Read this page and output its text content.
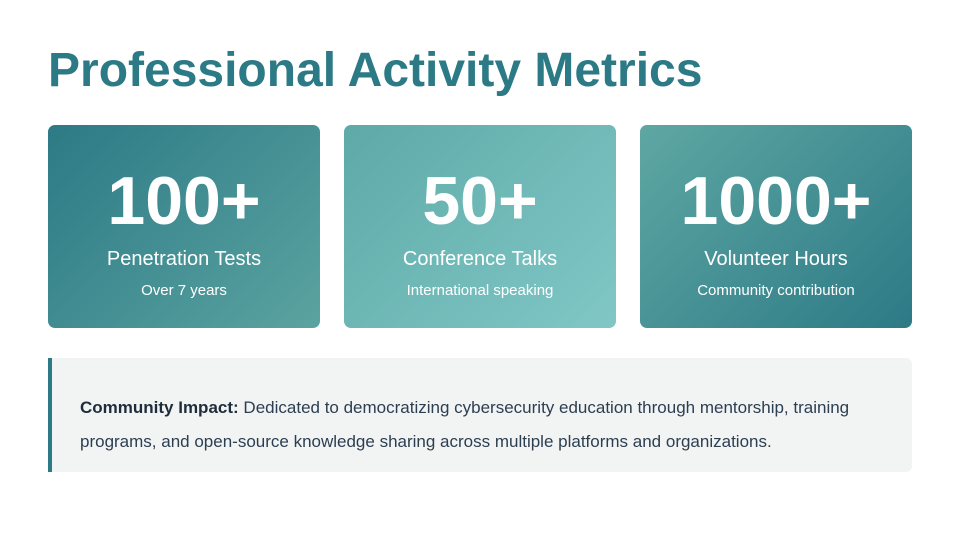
Professional Activity Metrics
100+
Penetration Tests
Over 7 years
50+
Conference Talks
International speaking
1000+
Volunteer Hours
Community contribution
Community Impact: Dedicated to democratizing cybersecurity education through mentorship, training programs, and open-source knowledge sharing across multiple platforms and organizations.
